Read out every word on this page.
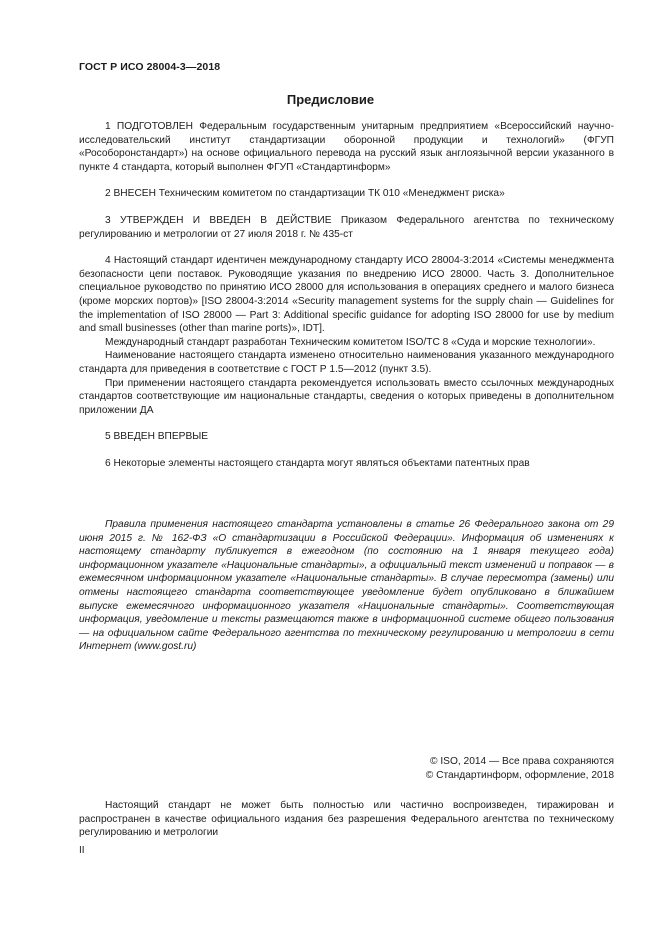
ГОСТ Р ИСО 28004-3—2018
Предисловие

1 ПОДГОТОВЛЕН Федеральным государственным унитарным предприятием «Всероссийский научно-исследовательский институт стандартизации оборонной продукции и технологий» (ФГУП «Рособоронстандарт») на основе официального перевода на русский язык англоязычной версии указанного в пункте 4 стандарта, который выполнен ФГУП «Стандартинформ»

2 ВНЕСЕН Техническим комитетом по стандартизации ТК 010 «Менеджмент риска»

3 УТВЕРЖДЕН И ВВЕДЕН В ДЕЙСТВИЕ Приказом Федерального агентства по техническому регулированию и метрологии от 27 июля 2018 г. № 435-ст

4 Настоящий стандарт идентичен международному стандарту ИСО 28004-3:2014 «Системы менеджмента безопасности цепи поставок. Руководящие указания по внедрению ИСО 28000. Часть 3. Дополнительное специальное руководство по принятию ИСО 28000 для использования в операциях среднего и малого бизнеса (кроме морских портов)» [ISO 28004-3:2014 «Security management systems for the supply chain — Guidelines for the implementation of ISO 28000 — Part 3: Additional specific guidance for adopting ISO 28000 for use by medium and small businesses (other than marine ports)», IDT].

Международный стандарт разработан Техническим комитетом ISO/TC 8 «Суда и морские технологии».

Наименование настоящего стандарта изменено относительно наименования указанного международного стандарта для приведения в соответствие с ГОСТ Р 1.5—2012 (пункт 3.5).

При применении настоящего стандарта рекомендуется использовать вместо ссылочных международных стандартов соответствующие им национальные стандарты, сведения о которых приведены в дополнительном приложении ДА

5 ВВЕДЕН ВПЕРВЫЕ

6 Некоторые элементы настоящего стандарта могут являться объектами патентных прав

Правила применения настоящего стандарта установлены в статье 26 Федерального закона от 29 июня 2015 г. № 162-ФЗ «О стандартизации в Российской Федерации». Информация об изменениях к настоящему стандарту публикуется в ежегодном (по состоянию на 1 января текущего года) информационном указателе «Национальные стандарты», а официальный текст изменений и поправок — в ежемесячном информационном указателе «Национальные стандарты». В случае пересмотра (замены) или отмены настоящего стандарта соответствующее уведомление будет опубликовано в ближайшем выпуске ежемесячного информационного указателя «Национальные стандарты». Соответствующая информация, уведомление и тексты размещаются также в информационной системе общего пользования — на официальном сайте Федерального агентства по техническому регулированию и метрологии в сети Интернет (www.gost.ru)

© ISO, 2014 — Все права сохраняются
© Стандартинформ, оформление, 2018

Настоящий стандарт не может быть полностью или частично воспроизведен, тиражирован и распространен в качестве официального издания без разрешения Федерального агентства по техническому регулированию и метрологии

II
